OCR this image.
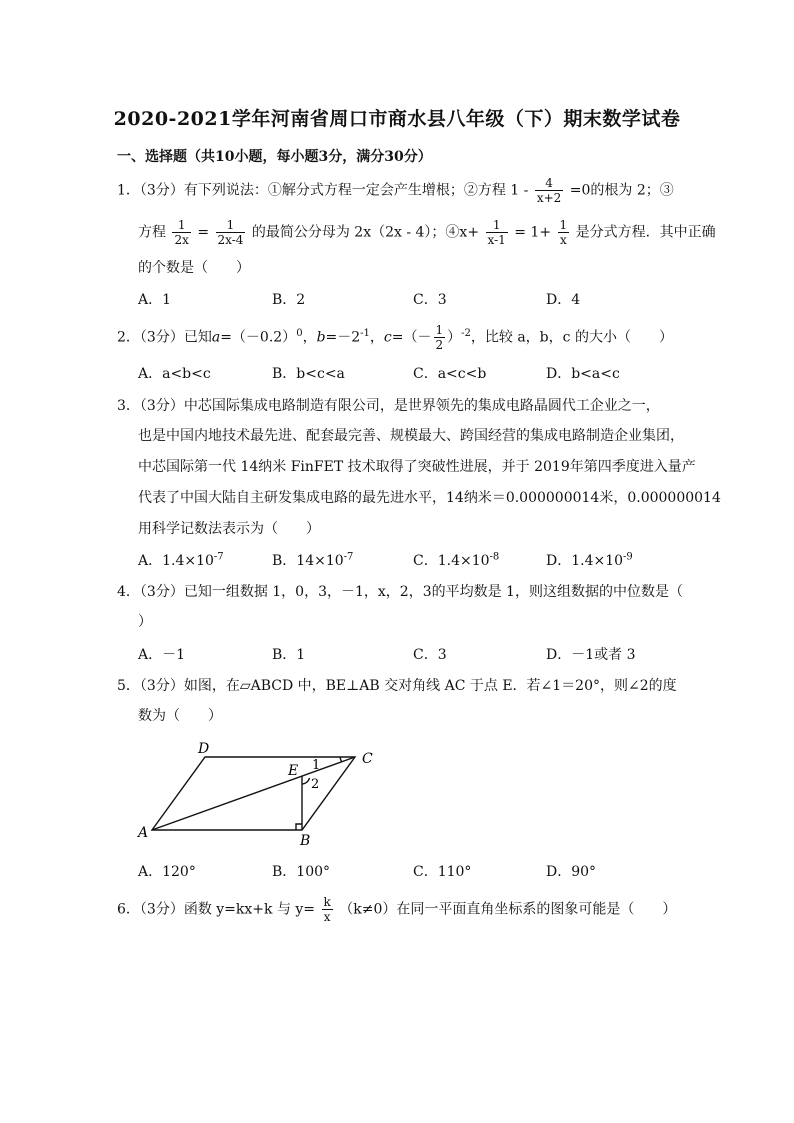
2020-2021学年河南省周口市商水县八年级（下）期末数学试卷
一、选择题（共10小题，每小题3分，满分30分）
1．（3分）有下列说法：①解分式方程一定会产生增根；②方程 $1 - \frac{4}{x+2} =0$的根为 2；③
方程 $\frac{1}{2x} = \frac{1}{2x-4}$ 的最简公分母为 2x（2x - 4）；④x+ $\frac{1}{x-1} = 1+ \frac{1}{x}$ 是分式方程．其中正确
的个数是（　　）
A．1	B．2	C．3	D．4
2．（3分）已知$a=(-0.2)^0$，$b=-2^{-1}$，$c=(- \frac{1}{2} )^{-2}$，比较 a，b，c 的大小（　　）
A．a<b<c	B．b<c<a	C．a<c<b	D．b<a<c
3．（3分）中芯国际集成电路制造有限公司，是世界领先的集成电路晶圆代工企业之一，
也是中国内地技术最先进、配套最完善、规模最大、跨国经营的集成电路制造企业集团，
中芯国际第一代 14纳米 FinFET 技术取得了突破性进展，并于 2019年第四季度进入量产
代表了中国大陆自主研发集成电路的最先进水平，14纳米＝0.000000014米，0.000000014
用科学记数法表示为（　　）
A．$1.4\times 10^{-7}$	B．$14\times 10^{-7}$	C．$1.4\times 10^{-8}$	D．$1.4\times 10^{-9}$
4．（3分）已知一组数据 1，0，3，－1，x，2，3的平均数是 1，则这组数据的中位数是（
）
A．－1	B．1	C．3	D．－1或者 3
5．（3分）如图，在▱ABCD 中，BE⊥AB 交对角线 AC 于点 E．若∠1＝20°，则∠2的度
数为（　　）
A	B
C
D
E 1
2
A．120°	B．100°	C．110°	D．90°
6．（3分）函数 y=kx+k 与 $y= \frac{k}{x} (k\ne 0)$在同一平面直角坐标系的图象可能是（　　）
